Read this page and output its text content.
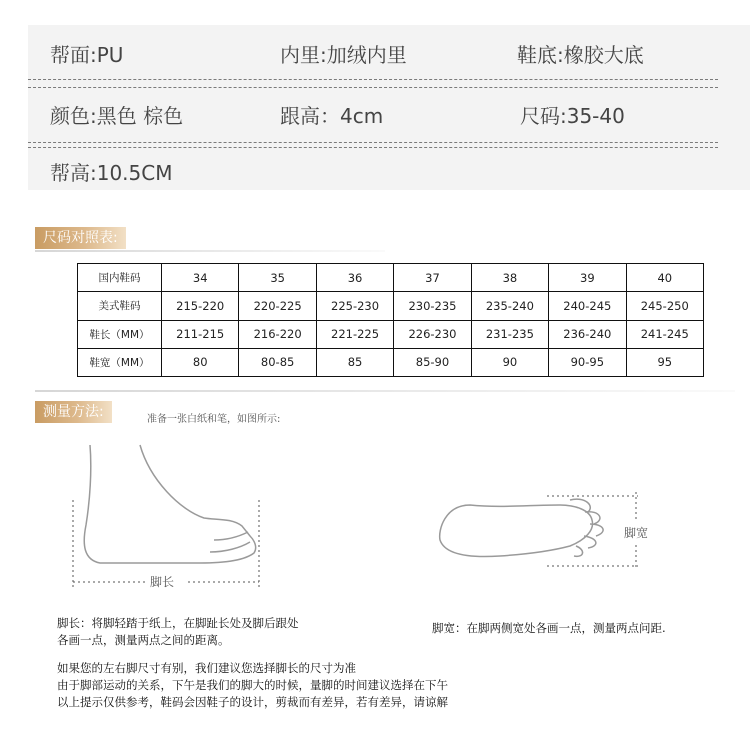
帮面:PU	内里:加绒内里	鞋底:橡胶大底
颜色:黑色 棕色	跟高：4cm	尺码:35-40
帮高:10.5CM
尺码对照表:
国内鞋码	34	35	36	37	38	39	40
美式鞋码	215-220	220-225	225-230	230-235	235-240	240-245	245-250
鞋长（MM）	211-215	216-220	221-225	226-230	231-235	236-240	241-245
鞋宽（MM）	80	80-85	85	85-90	90	90-95	95
测量方法:	准备一张白纸和笔，如图所示:
脚长
脚宽
脚长：将脚轻踏于纸上，在脚趾长处及脚后跟处
各画一点，测量两点之间的距离。
脚宽：在脚两侧宽处各画一点，测量两点问距.
如果您的左右脚尺寸有别，我们建议您选择脚长的尺寸为准
由于脚部运动的关系，下午是我们的脚大的时候，量脚的时间建议选择在下午
以上提示仅供参考，鞋码会因鞋子的设计，剪裁而有差异，若有差异，请谅解
